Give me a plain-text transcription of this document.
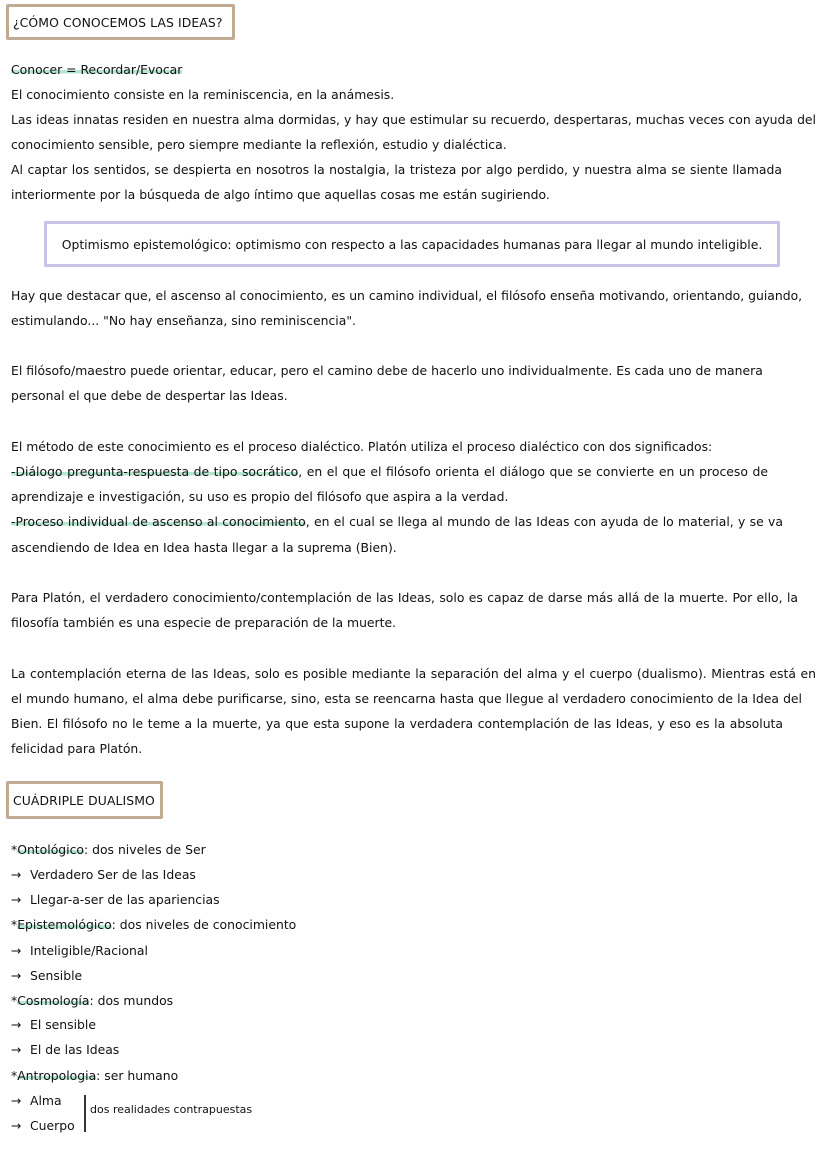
¿CÓMO CONOCEMOS LAS IDEAS?
Conocer = Recordar/Evocar
El conocimiento consiste en la reminiscencia, en la anámesis.
Las ideas innatas residen en nuestra alma dormidas, y hay que estimular su recuerdo, despertaras, muchas veces con ayuda del
conocimiento sensible, pero siempre mediante la reflexión, estudio y dialéctica.
Al captar los sentidos, se despierta en nosotros la nostalgia, la tristeza por algo perdido, y nuestra alma se siente llamada
interiormente por la búsqueda de algo íntimo que aquellas cosas me están sugiriendo.
Optimismo epistemológico: optimismo con respecto a las capacidades humanas para llegar al mundo inteligible.
Hay que destacar que, el ascenso al conocimiento, es un camino individual, el filósofo enseña motivando, orientando, guiando,
estimulando... "No hay enseñanza, sino reminiscencia".
El filósofo/maestro puede orientar, educar, pero el camino debe de hacerlo uno individualmente. Es cada uno de manera
personal el que debe de despertar las Ideas.
El método de este conocimiento es el proceso dialéctico. Platón utiliza el proceso dialéctico con dos significados:
-Diálogo pregunta-respuesta de tipo socrático, en el que el filósofo orienta el diálogo que se convierte en un proceso de
aprendizaje e investigación, su uso es propio del filósofo que aspira a la verdad.
-Proceso individual de ascenso al conocimiento, en el cual se llega al mundo de las Ideas con ayuda de lo material, y se va
ascendiendo de Idea en Idea hasta llegar a la suprema (Bien).
Para Platón, el verdadero conocimiento/contemplación de las Ideas, solo es capaz de darse más allá de la muerte. Por ello, la
filosofía también es una especie de preparación de la muerte.
La contemplación eterna de las Ideas, solo es posible mediante la separación del alma y el cuerpo (dualismo). Mientras está en
el mundo humano, el alma debe purificarse, sino, esta se reencarna hasta que llegue al verdadero conocimiento de la Idea del
Bien. El filósofo no le teme a la muerte, ya que esta supone la verdadera contemplación de las Ideas, y eso es la absoluta
felicidad para Platón.
CUÁDRIPLE DUALISMO
*Ontológico: dos niveles de Ser
→ Verdadero Ser de las Ideas
→ Llegar-a-ser de las apariencias
*Epistemológico: dos niveles de conocimiento
→ Inteligible/Racional
→ Sensible
*Cosmología: dos mundos
→ El sensible
→ El de las Ideas
*Antropologia: ser humano
→ Alma
→ Cuerpo
dos realidades contrapuestas
